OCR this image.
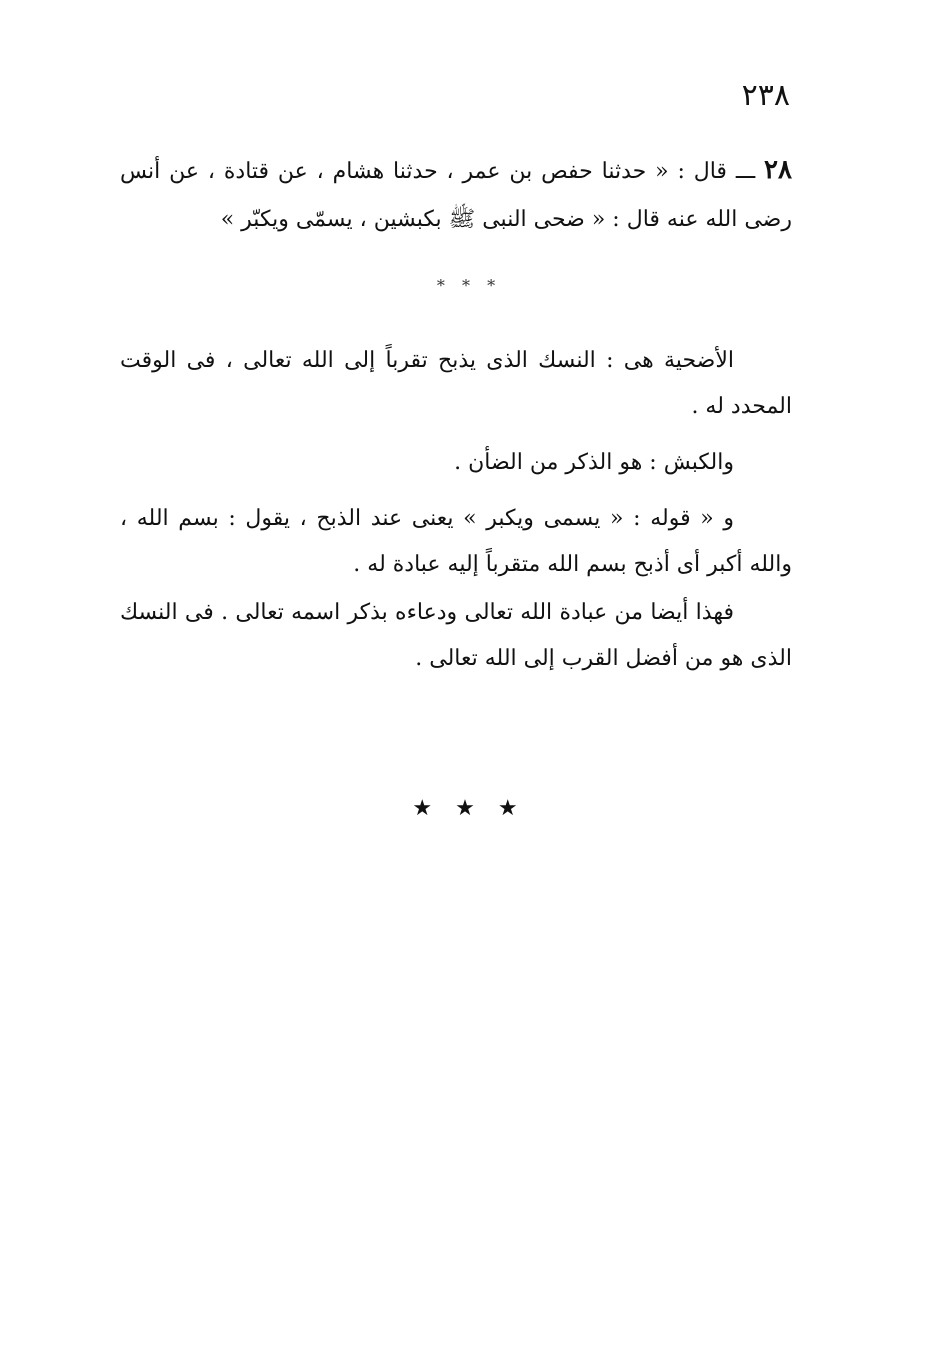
٢٣٨
٢٨ ـــ قال : « حدثنا حفص بن عمر ، حدثنا هشام ، عن قتادة ، عن أنس رضى الله عنه قال : « ضحى النبى ﷺ بكبشين ، يسمّى ويكبّر »
* * *
الأضحية هى : النسك الذى يذبح تقرباً إلى الله تعالى ، فى الوقت المحدد له .
والكبش : هو الذكر من الضأن .
و « قوله : « يسمى ويكبر » يعنى عند الذبح ، يقول : بسم الله ، والله أكبر أى أذبح بسم الله متقرباً إليه عبادة له .
فهذا أيضا من عبادة الله تعالى ودعاءه بذكر اسمه تعالى . فى النسك الذى هو من أفضل القرب إلى الله تعالى .
★ ★ ★
